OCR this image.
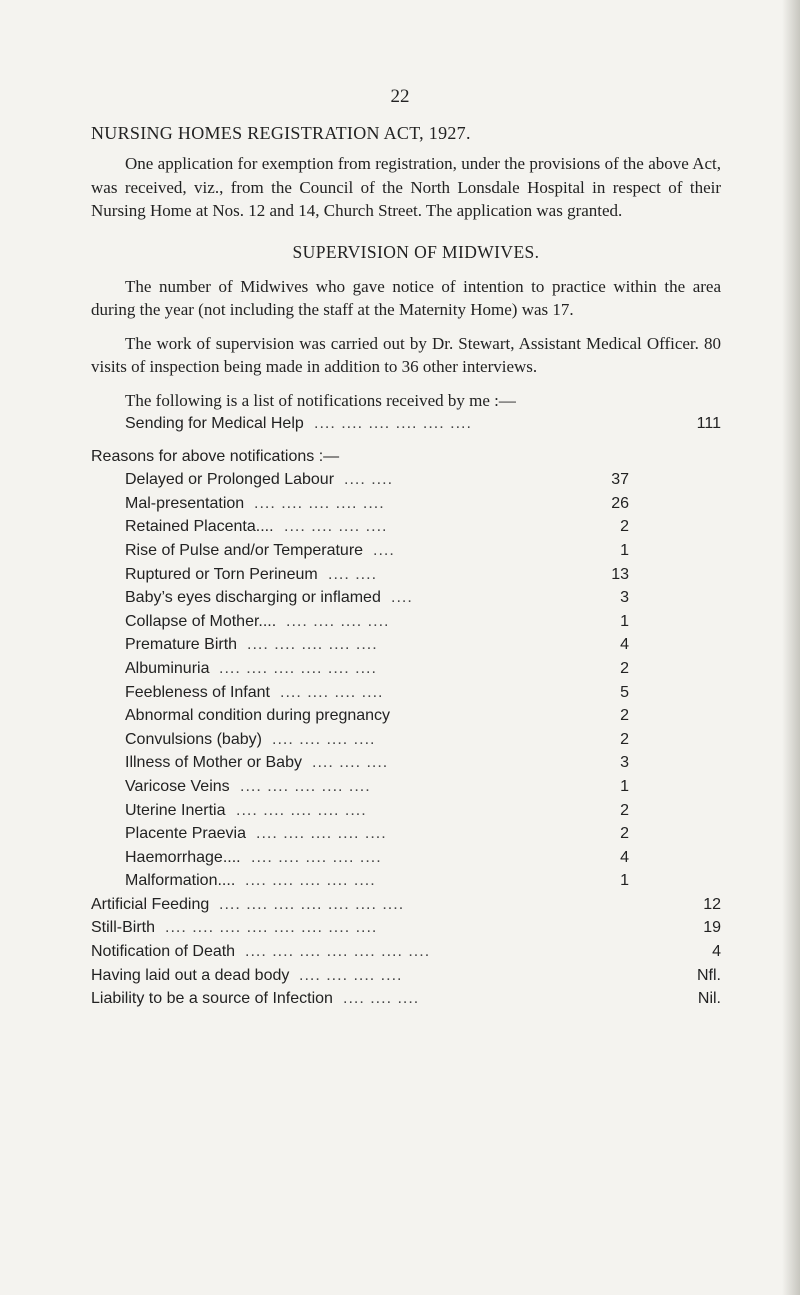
22

NURSING HOMES REGISTRATION ACT, 1927.

One application for exemption from registration, under the provisions of the above Act, was received, viz., from the Council of the North Lonsdale Hospital in respect of their Nursing Home at Nos. 12 and 14, Church Street. The application was granted.

SUPERVISION OF MIDWIVES.

The number of Midwives who gave notice of intention to practice within the area during the year (not including the staff at the Maternity Home) was 17.

The work of supervision was carried out by Dr. Stewart, Assistant Medical Officer. 80 visits of inspection being made in addition to 36 other interviews.

The following is a list of notifications received by me :—

Sending for Medical Help .... .... .... .... .... ....	111
Reasons for above notifications :—
Delayed or Prolonged Labour .... ....	37
Mal-presentation .... .... .... .... ....	26
Retained Placenta.... .... .... .... ....	2
Rise of Pulse and/or Temperature ....	1
Ruptured or Torn Perineum .... ....	13
Baby’s eyes discharging or inflamed ....	3
Collapse of Mother.... .... .... .... ....	1
Premature Birth .... .... .... .... ....	4
Albuminuria .... .... .... .... .... ....	2
Feebleness of Infant .... .... .... ....	5
Abnormal condition during pregnancy	2
Convulsions (baby) .... .... .... ....	2
Illness of Mother or Baby .... .... ....	3
Varicose Veins .... .... .... .... ....	1
Uterine Inertia .... .... .... .... ....	2
Placente Praevia .... .... .... .... ....	2
Haemorrhage.... .... .... .... .... ....	4
Malformation.... .... .... .... .... ....	1
Artificial Feeding .... .... .... .... .... .... ....	12
Still-Birth .... .... .... .... .... .... .... ....	19
Notification of Death .... .... .... .... .... .... ....	4
Having laid out a dead body .... .... .... ....	Nfl.
Liability to be a source of Infection .... .... ....	Nil.
